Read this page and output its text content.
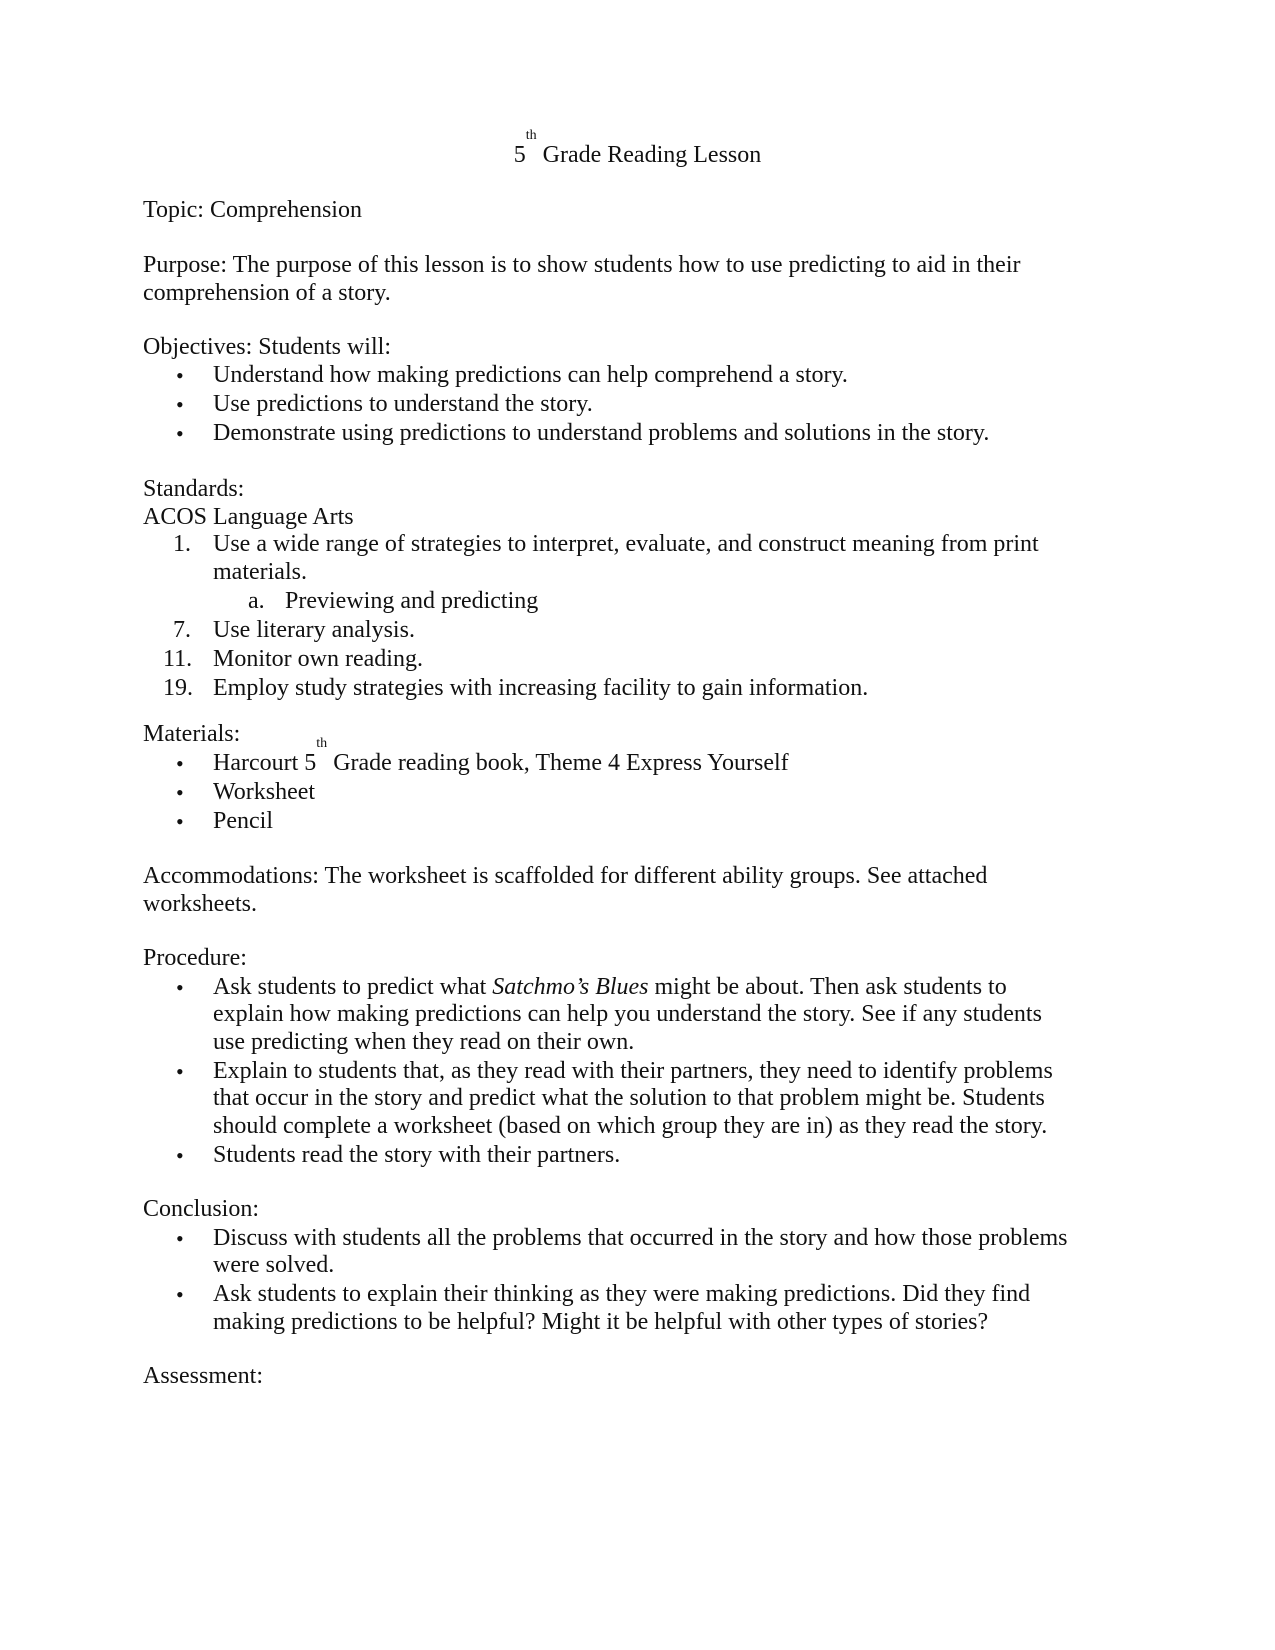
5th Grade Reading Lesson
Topic: Comprehension
Purpose: The purpose of this lesson is to show students how to use predicting to aid in their comprehension of a story.
Objectives: Students will:
• Understand how making predictions can help comprehend a story.
• Use predictions to understand the story.
• Demonstrate using predictions to understand problems and solutions in the story.
Standards:
ACOS Language Arts
1. Use a wide range of strategies to interpret, evaluate, and construct meaning from print materials.
a. Previewing and predicting
7. Use literary analysis.
11. Monitor own reading.
19. Employ study strategies with increasing facility to gain information.
Materials:
• Harcourt 5th Grade reading book, Theme 4 Express Yourself
• Worksheet
• Pencil
Accommodations: The worksheet is scaffolded for different ability groups. See attached worksheets.
Procedure:
• Ask students to predict what Satchmo’s Blues might be about. Then ask students to explain how making predictions can help you understand the story. See if any students use predicting when they read on their own.
• Explain to students that, as they read with their partners, they need to identify problems that occur in the story and predict what the solution to that problem might be. Students should complete a worksheet (based on which group they are in) as they read the story.
• Students read the story with their partners.
Conclusion:
• Discuss with students all the problems that occurred in the story and how those problems were solved.
• Ask students to explain their thinking as they were making predictions. Did they find making predictions to be helpful? Might it be helpful with other types of stories?
Assessment:
